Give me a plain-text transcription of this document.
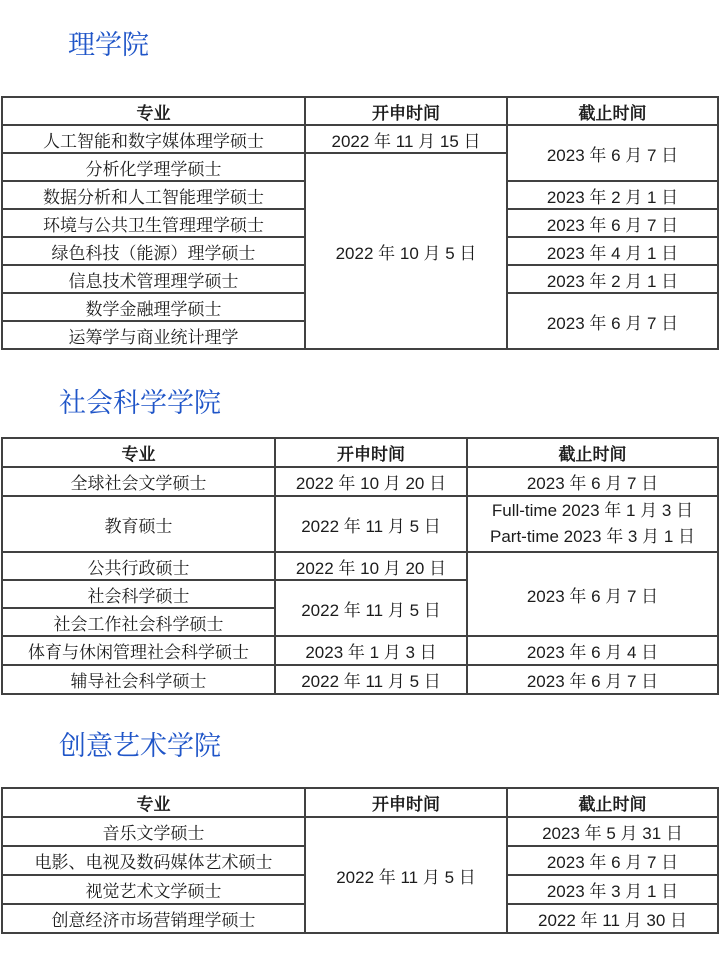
理学院
专业	开申时间	截止时间
人工智能和数字媒体理学硕士	2022 年 11 月 15 日	2023 年 6 月 7 日
分析化学理学硕士	2022 年 10 月 5 日	
数据分析和人工智能理学硕士		2023 年 2 月 1 日
环境与公共卫生管理理学硕士		2023 年 6 月 7 日
绿色科技（能源）理学硕士		2023 年 4 月 1 日
信息技术管理理学硕士		2023 年 2 月 1 日
数学金融理学硕士		2023 年 6 月 7 日
运筹学与商业统计理学		
社会科学学院
专业	开申时间	截止时间
全球社会文学硕士	2022 年 10 月 20 日	2023 年 6 月 7 日
教育硕士	2022 年 11 月 5 日	Full-time 2023 年 1 月 3 日
Part-time 2023 年 3 月 1 日

公共行政硕士	2022 年 10 月 20 日	2023 年 6 月 7 日
社会科学硕士	2022 年 11 月 5 日	
社会工作社会科学硕士		
体育与休闲管理社会科学硕士	2023 年 1 月 3 日	2023 年 6 月 4 日
辅导社会科学硕士	2022 年 11 月 5 日	2023 年 6 月 7 日
创意艺术学院
专业	开申时间	截止时间
音乐文学硕士	2022 年 11 月 5 日	2023 年 5 月 31 日
电影、电视及数码媒体艺术硕士		2023 年 6 月 7 日
视觉艺术文学硕士		2023 年 3 月 1 日
创意经济市场营销理学硕士		2022 年 11 月 30 日
